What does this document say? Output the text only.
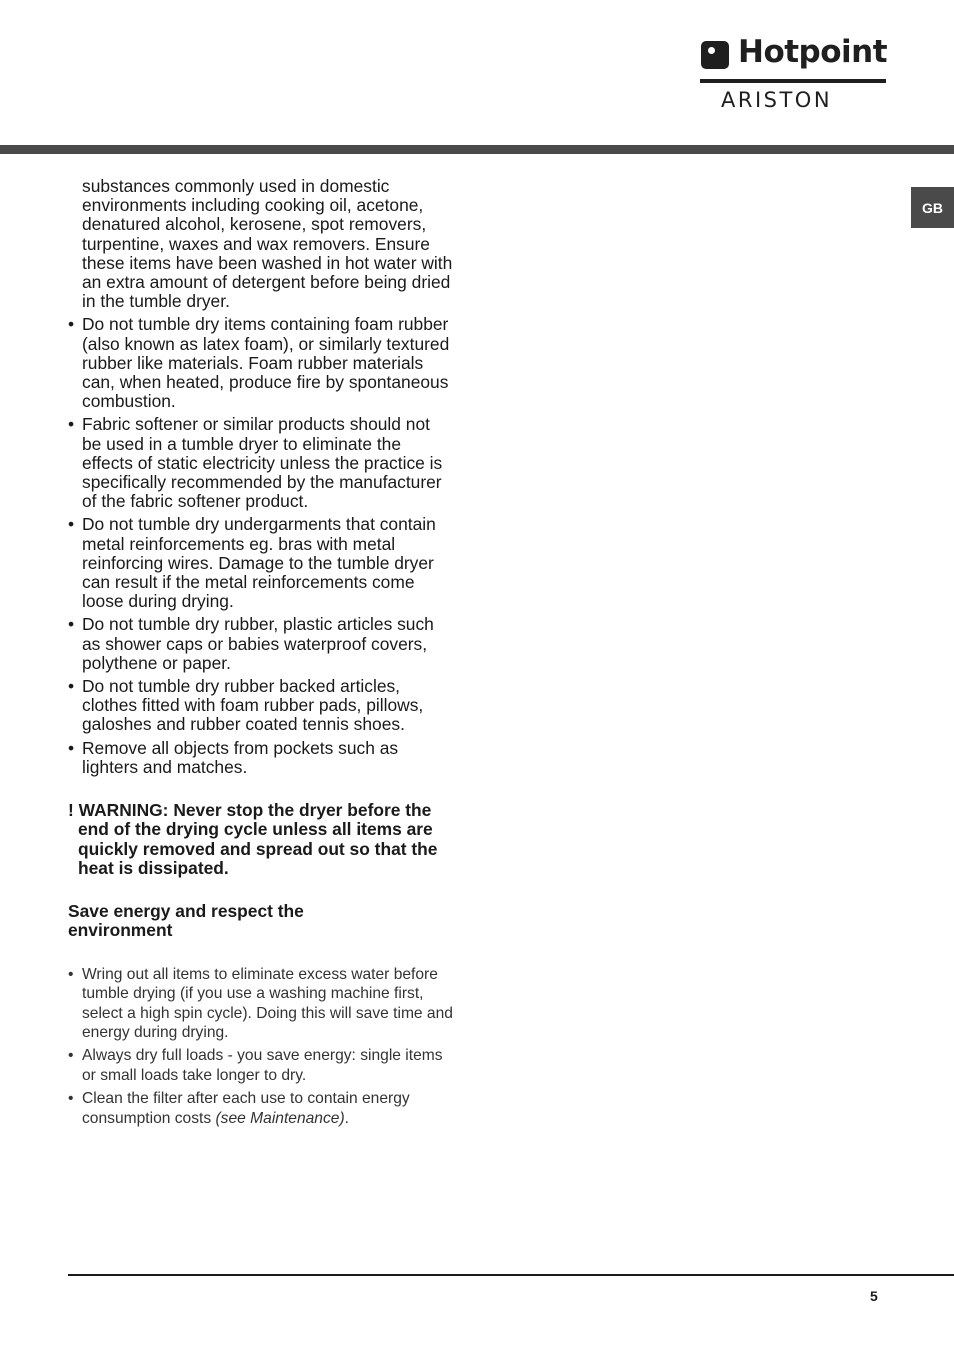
Hotpoint
ARISTON
GB

substances commonly used in domestic environments including cooking oil, acetone, denatured alcohol, kerosene, spot removers, turpentine, waxes and wax removers. Ensure these items have been washed in hot water with an extra amount of detergent before being dried in the tumble dryer.

• Do not tumble dry items containing foam rubber (also known as latex foam), or similarly textured rubber like materials. Foam rubber materials can, when heated, produce fire by spontaneous combustion.
• Fabric softener or similar products should not be used in a tumble dryer to eliminate the effects of static electricity unless the practice is specifically recommended by the manufacturer of the fabric softener product.
• Do not tumble dry undergarments that contain metal reinforcements eg. bras with metal reinforcing wires. Damage to the tumble dryer can result if the metal reinforcements come loose during drying.
• Do not tumble dry rubber, plastic articles such as shower caps or babies waterproof covers, polythene or paper.
• Do not tumble dry rubber backed articles, clothes fitted with foam rubber pads, pillows, galoshes and rubber coated tennis shoes.
• Remove all objects from pockets such as lighters and matches.
! WARNING: Never stop the dryer before the end of the drying cycle unless all items are quickly removed and spread out so that the heat is dissipated.
Save energy and respect the environment
• Wring out all items to eliminate excess water before tumble drying (if you use a washing machine first, select a high spin cycle). Doing this will save time and energy during drying.
• Always dry full loads - you save energy: single items or small loads take longer to dry.
• Clean the filter after each use to contain energy consumption costs (see Maintenance).
5
